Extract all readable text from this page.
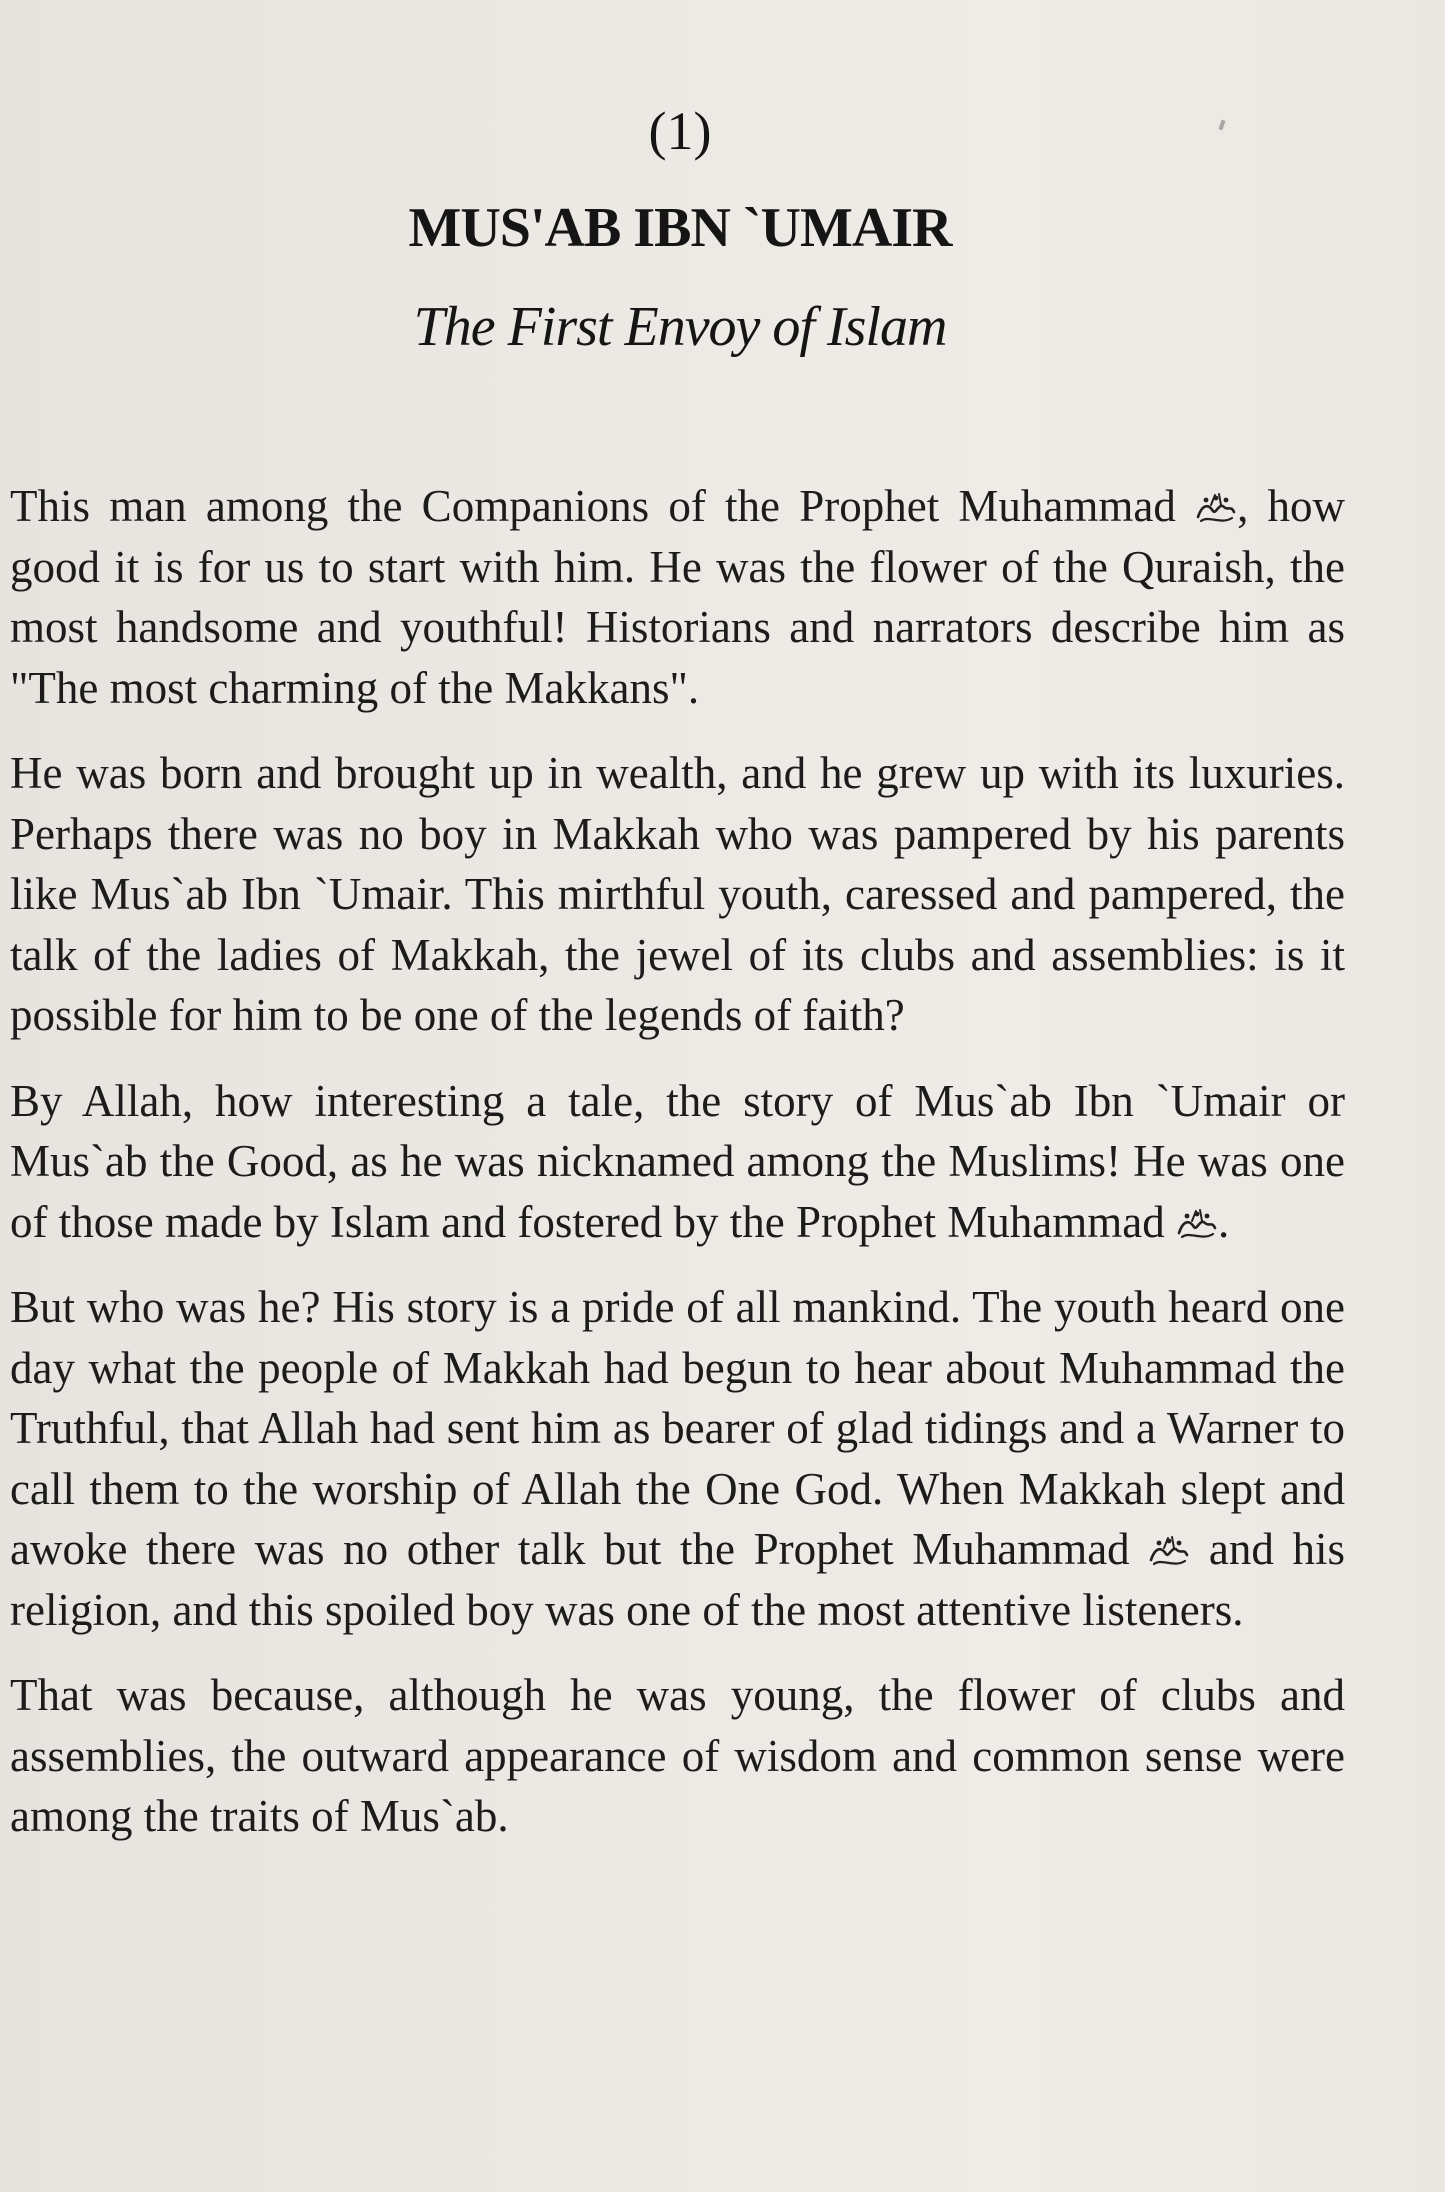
(1)
MUS'AB IBN `UMAIR
The First Envoy of Islam

This man among the Companions of the Prophet Muhammad , how good it is for us to start with him. He was the flower of the Quraish, the most handsome and youthful! Historians and narrators describe him as "The most charming of the Makkans".

He was born and brought up in wealth, and he grew up with its luxuries. Perhaps there was no boy in Makkah who was pampered by his parents like Mus`ab Ibn `Umair. This mirthful youth, caressed and pampered, the talk of the ladies of Makkah, the jewel of its clubs and assemblies: is it possible for him to be one of the legends of faith?

By Allah, how interesting a tale, the story of Mus`ab Ibn `Umair or Mus`ab the Good, as he was nicknamed among the Muslims! He was one of those made by Islam and fostered by the Prophet Muhammad .

But who was he? His story is a pride of all mankind. The youth heard one day what the people of Makkah had begun to hear about Muhammad the Truthful, that Allah had sent him as bearer of glad tidings and a Warner to call them to the worship of Allah the One God. When Makkah slept and awoke there was no other talk but the Prophet Muhammad
and his religion, and this spoiled boy was one of the most attentive listeners.

That was because, although he was young, the flower of clubs and assemblies, the outward appearance of wisdom and common sense were among the traits of Mus`ab.
